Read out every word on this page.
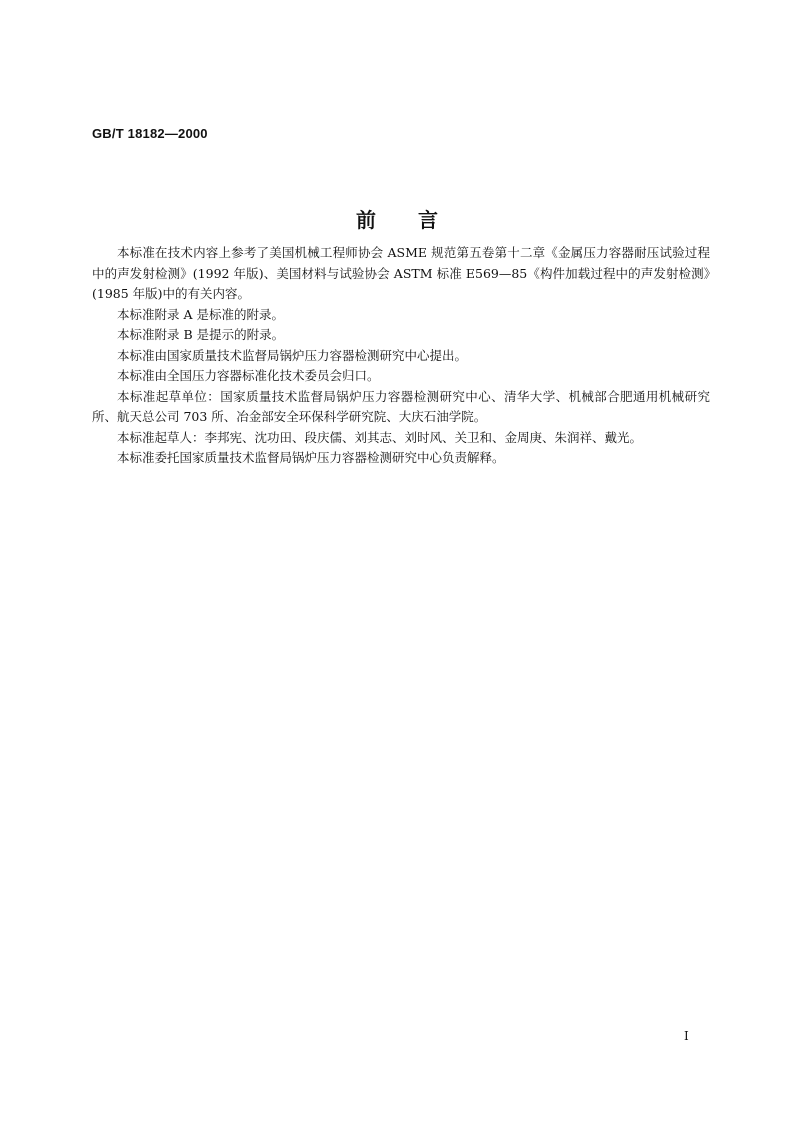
GB/T 18182—2000
前言

本标准在技术内容上参考了美国机械工程师协会 ASME 规范第五卷第十二章《金属压力容器耐压试验过程中的声发射检测》(1992 年版)、美国材料与试验协会 ASTM 标准 E569—85《构件加载过程中的声发射检测》(1985 年版)中的有关内容。

本标准附录 A 是标准的附录。

本标准附录 B 是提示的附录。

本标准由国家质量技术监督局锅炉压力容器检测研究中心提出。

本标准由全国压力容器标准化技术委员会归口。

本标准起草单位：国家质量技术监督局锅炉压力容器检测研究中心、清华大学、机械部合肥通用机械研究所、航天总公司 703 所、冶金部安全环保科学研究院、大庆石油学院。

本标准起草人：李邦宪、沈功田、段庆儒、刘其志、刘时风、关卫和、金周庚、朱润祥、戴光。

本标准委托国家质量技术监督局锅炉压力容器检测研究中心负责解释。

I
